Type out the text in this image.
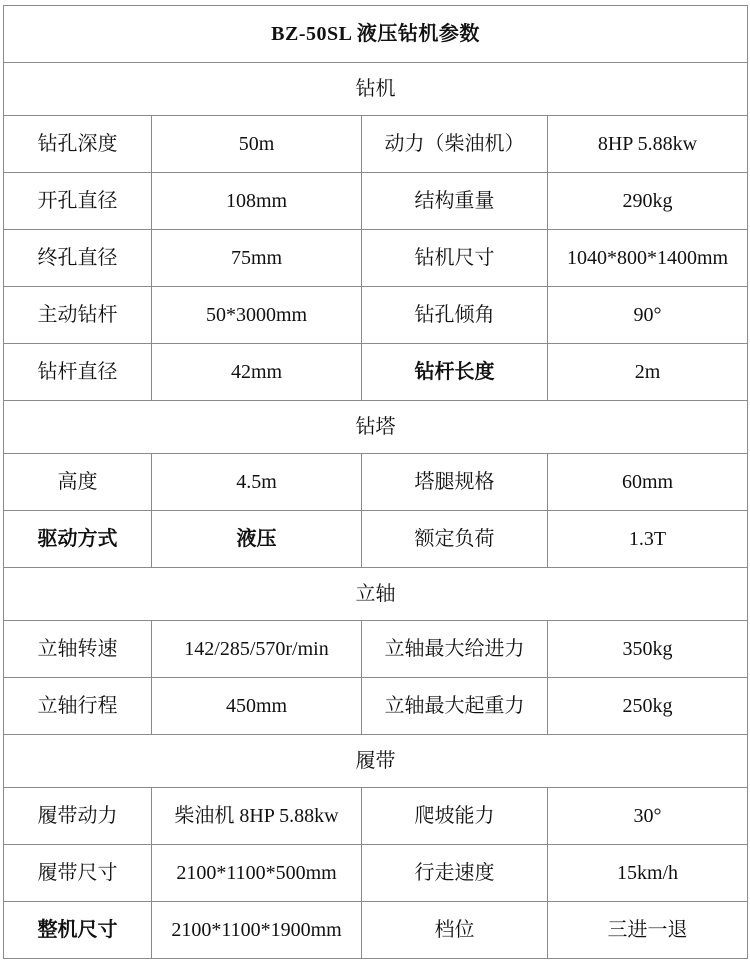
BZ-50SL 液压钻机参数			
钻机			
钻孔深度	50m	动力（柴油机）	8HP 5.88kw
开孔直径	108mm	结构重量	290kg
终孔直径	75mm	钻机尺寸	1040*800*1400mm
主动钻杆	50*3000mm	钻孔倾角	90°
钻杆直径	42mm	钻杆长度	2m
钻塔			
高度	4.5m	塔腿规格	60mm
驱动方式	液压	额定负荷	1.3T
立轴			
立轴转速	142/285/570r/min	立轴最大给进力	350kg
立轴行程	450mm	立轴最大起重力	250kg
履带			
履带动力	柴油机 8HP 5.88kw	爬坡能力	30°
履带尺寸	2100*1100*500mm	行走速度	15km/h
整机尺寸	2100*1100*1900mm	档位	三进一退
